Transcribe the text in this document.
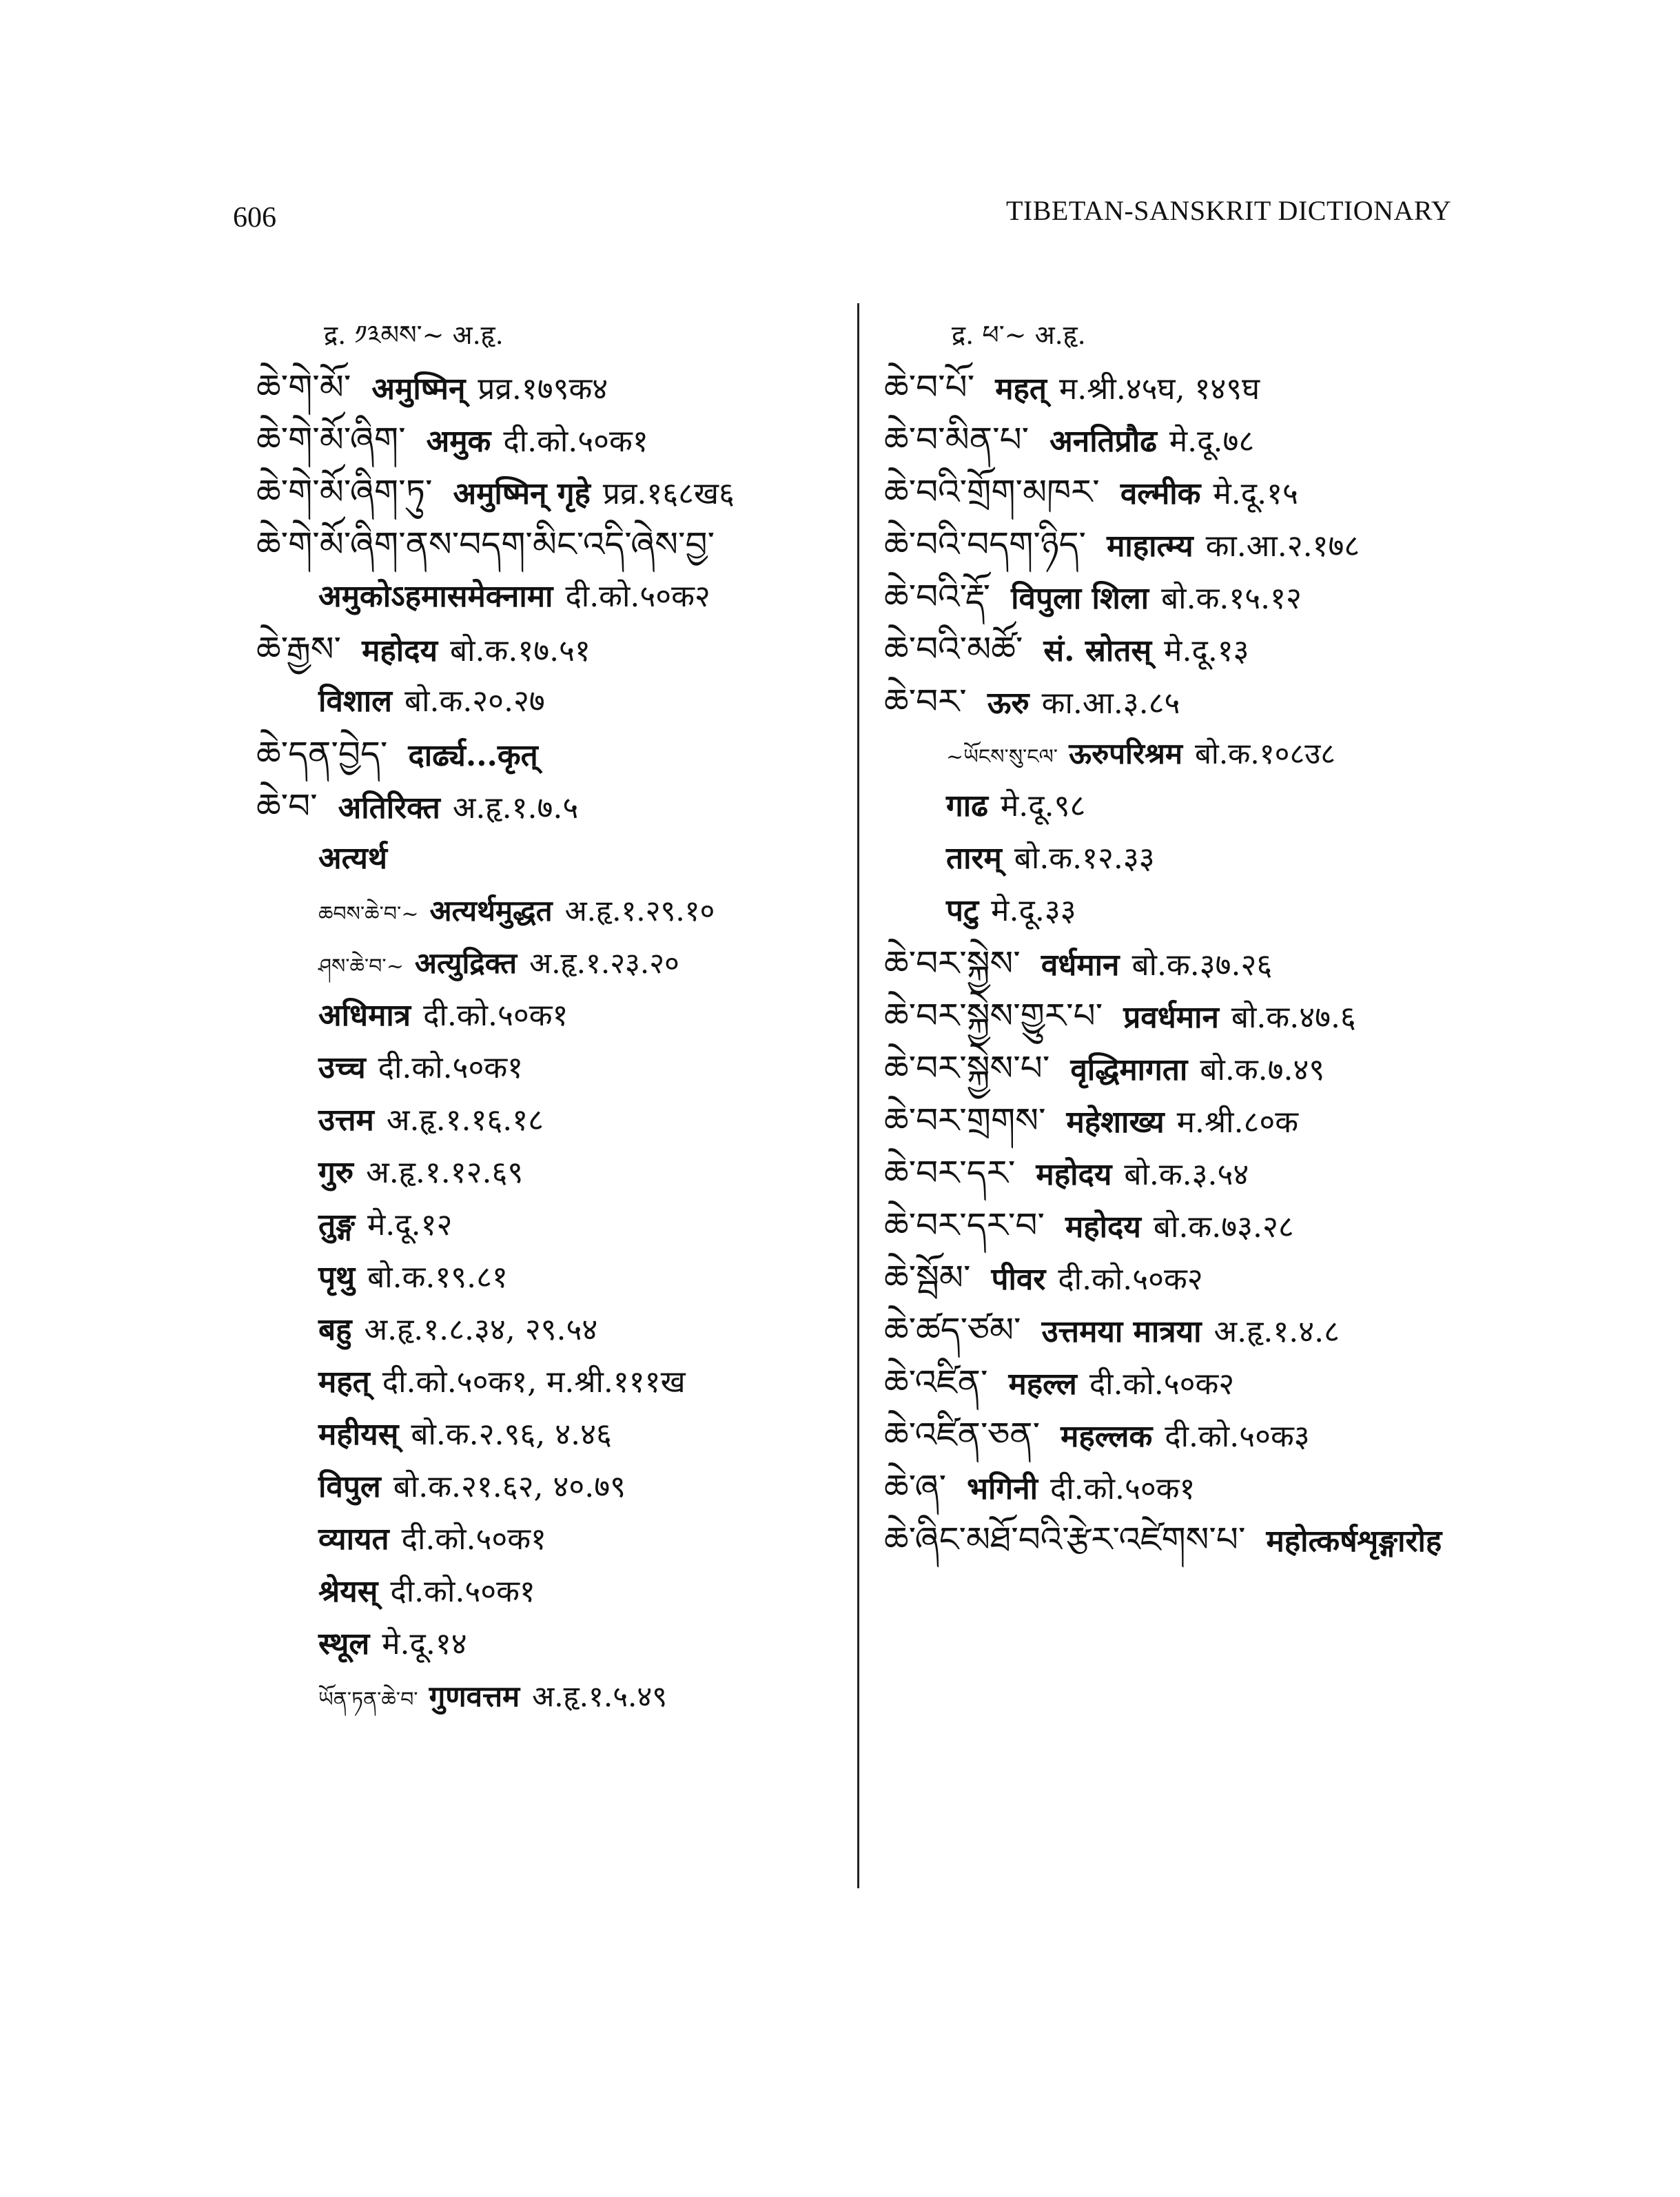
606	TIBETAN-SANSKRIT DICTIONARY
द्र. ༡༣མས་~ अ.हृ.
ཆེ་གེ་མོ་ अमुष्मिन् प्रव्र.१७९क४
ཆེ་གེ་མོ་ཞིག་ अमुक दी.को.५०क१
ཆེ་གེ་མོ་ཞིག་ཏུ་ अमुष्मिन् गृहे प्रव्र.१६८ख६
ཆེ་གེ་མོ་ཞིག་ནས་བདག་མིང་འདི་ཞེས་བྱ་
अमुकोऽहमासमेक्नामा दी.को.५०क२
ཆེ་རྒྱས་ महोदय बो.क.१७.५१
विशाल बो.क.२०.२७
ཆེ་དན་བྱེད་ दार्ढ्य...कृत्
ཆེ་བ་ अतिरिक्त अ.हृ.१.७.५
अत्यर्थ
ཆབས་ཆེ་བ་~ अत्यर्थमुद्धत अ.हृ.१.२९.१०
ཤས་ཆེ་བ་~ अत्युद्रिक्त अ.हृ.१.२३.२०
अधिमात्र दी.को.५०क१
उच्च दी.को.५०क१
उत्तम अ.हृ.१.१६.१८
गुरु अ.हृ.१.१२.६९
तुङ्ग मे.दू.१२
पृथु बो.क.१९.८१
बहु अ.हृ.१.८.३४, २९.५४
महत् दी.को.५०क१, म.श्री.१११ख
महीयस् बो.क.२.९६, ४.४६
विपुल बो.क.२१.६२, ४०.७९
व्यायत दी.को.५०क१
श्रेयस् दी.को.५०क१
स्थूल मे.दू.१४
ཡོན་ཏན་ཆེ་བ་ गुणवत्तम अ.हृ.१.५.४९
द्र. ཕ་~ अ.हृ.
ཆེ་བ་པོ་ महत् म.श्री.४५घ, १४९घ
ཆེ་བ་མིན་པ་ अनतिप्रौढ मे.दू.७८
ཆེ་བའི་གྲོག་མཁར་ वल्मीक मे.दू.१५
ཆེ་བའི་བདག་ཉིད་ माहात्म्य का.आ.२.१७८
ཆེ་བའི་རྡོ་ विपुला शिला बो.क.१५.१२
ཆེ་བའི་མཚོ་ सं. स्रोतस् मे.दू.१३
ཆེ་བར་ ऊरु का.आ.३.८५
~ཡོངས་སུ་ངལ་ ऊरुपरिश्रम बो.क.१०८उ८
गाढ मे.दू.९८
तारम् बो.क.१२.३३
पटु मे.दू.३३
ཆེ་བར་སྐྱེས་ वर्धमान बो.क.३७.२६
ཆེ་བར་སྐྱེས་གྱུར་པ་ प्रवर्धमान बो.क.४७.६
ཆེ་བར་སྐྱེས་པ་ वृद्धिमागता बो.क.७.४९
ཆེ་བར་གྲགས་ महेशाख्य म.श्री.८०क
ཆེ་བར་དར་ महोदय बो.क.३.५४
ཆེ་བར་དར་བ་ महोदय बो.क.७३.२८
ཆེ་སྦོམ་ पीवर दी.को.५०क२
ཆེ་ཚད་ཙམ་ उत्तमया मात्रया अ.हृ.१.४.८
ཆེ་འཛིན་ महल्ल दी.को.५०क२
ཆེ་འཛིན་ཅན་ महल्लक दी.को.५०क३
ཆེ་ཞ་ भगिनी दी.को.५०क१
ཆེ་ཞིང་མཐོ་བའི་རྩེར་འཛེགས་པ་ महोत्कर्षशृङ्गारोह
